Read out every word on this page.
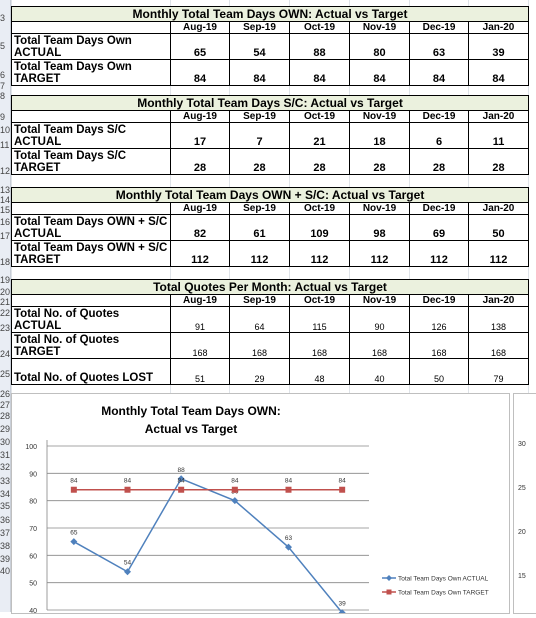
3
5
6
7
8
9
10
11
12
13
14
15
16
17
18
19
20
21
22
23
24
25
26
27
28
29
30
31
32
33
34
35
36
37
38
39
40
Monthly Total Team Days OWN: Actual vs Target						
	Aug-19	Sep-19	Oct-19	Nov-19	Dec-19	Jan-20
Total Team Days Own ACTUAL	65	54	88	80	63	39
Total Team Days Own TARGET	84	84	84	84	84	84
Monthly Total Team Days S/C: Actual vs Target						
	Aug-19	Sep-19	Oct-19	Nov-19	Dec-19	Jan-20
Total Team Days S/C ACTUAL	17	7	21	18	6	11
Total Team Days S/C TARGET	28	28	28	28	28	28
Monthly Total Team Days OWN + S/C: Actual vs Target						
	Aug-19	Sep-19	Oct-19	Nov-19	Dec-19	Jan-20
Total Team Days OWN + S/C ACTUAL	82	61	109	98	69	50
Total Team Days OWN + S/C TARGET	112	112	112	112	112	112
Total Quotes Per Month: Actual vs Target						
	Aug-19	Sep-19	Oct-19	Nov-19	Dec-19	Jan-20
Total No. of Quotes ACTUAL	91	64	115	90	126	138
Total No. of Quotes TARGET	168	168	168	168	168	168
Total No. of Quotes LOST	51	29	48	40	50	79
Monthly Total Team Days OWN:
Actual vs Target
40
50
60
70
80
90
100
65
54
88
63
39
84	84	84	84	84	84
Total Team Days Own ACTUAL
Total Team Days Own TARGET
30
25
20
15
